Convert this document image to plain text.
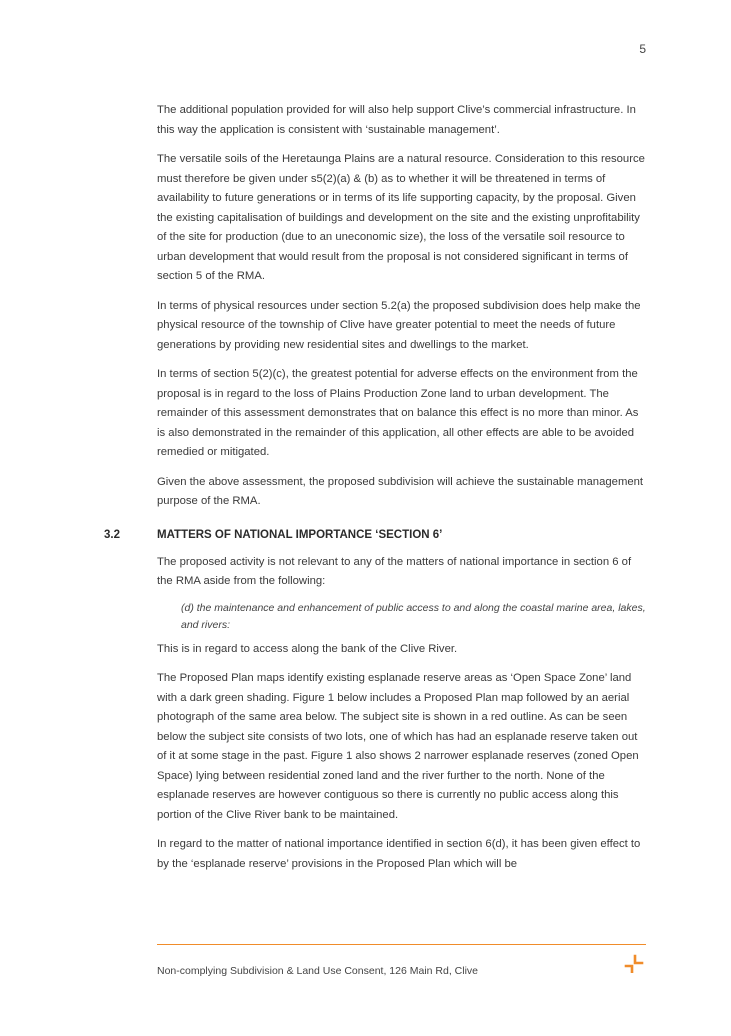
5

The additional population provided for will also help support Clive’s commercial infrastructure. In this way the application is consistent with ‘sustainable management’.

The versatile soils of the Heretaunga Plains are a natural resource. Consideration to this resource must therefore be given under s5(2)(a) & (b) as to whether it will be threatened in terms of availability to future generations or in terms of its life supporting capacity, by the proposal. Given the existing capitalisation of buildings and development on the site and the existing unprofitability of the site for production (due to an uneconomic size), the loss of the versatile soil resource to urban development that would result from the proposal is not considered significant in terms of section 5 of the RMA.

In terms of physical resources under section 5.2(a) the proposed subdivision does help make the physical resource of the township of Clive have greater potential to meet the needs of future generations by providing new residential sites and dwellings to the market.

In terms of section 5(2)(c), the greatest potential for adverse effects on the environment from the proposal is in regard to the loss of Plains Production Zone land to urban development. The remainder of this assessment demonstrates that on balance this effect is no more than minor. As is also demonstrated in the remainder of this application, all other effects are able to be avoided remedied or mitigated.

Given the above assessment, the proposed subdivision will achieve the sustainable management purpose of the RMA.

3.2	MATTERS OF NATIONAL IMPORTANCE ‘SECTION 6’

The proposed activity is not relevant to any of the matters of national importance in section 6 of the RMA aside from the following:

(d) the maintenance and enhancement of public access to and along the coastal marine area, lakes, and rivers:

This is in regard to access along the bank of the Clive River.

The Proposed Plan maps identify existing esplanade reserve areas as ‘Open Space Zone’ land with a dark green shading. Figure 1 below includes a Proposed Plan map followed by an aerial photograph of the same area below. The subject site is shown in a red outline. As can be seen below the subject site consists of two lots, one of which has had an esplanade reserve taken out of it at some stage in the past. Figure 1 also shows 2 narrower esplanade reserves (zoned Open Space) lying between residential zoned land and the river further to the north. None of the esplanade reserves are however contiguous so there is currently no public access along this portion of the Clive River bank to be maintained.

In regard to the matter of national importance identified in section 6(d), it has been given effect to by the ‘esplanade reserve’ provisions in the Proposed Plan which will be

Non-complying Subdivision & Land Use Consent, 126 Main Rd, Clive
